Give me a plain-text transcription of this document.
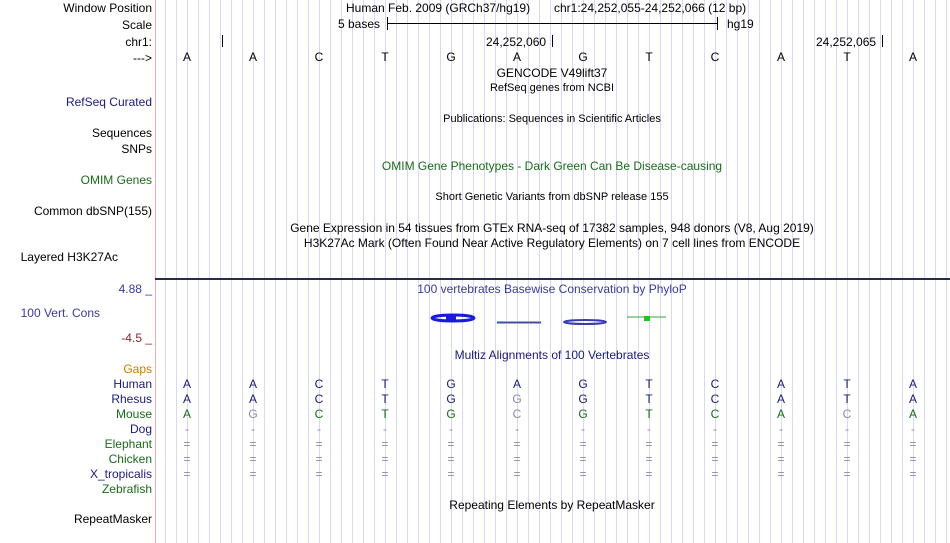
Window Position	Human Feb. 2009 (GRCh37/hg19) chr1:24,252,055-24,252,066 (12 bp)
Scale	5 bases	hg19
chr1:	24,252,060	24,252,065
--->
GENCODE V49lift37
RefSeq genes from NCBI
RefSeq Curated
Publications: Sequences in Scientific Articles
Sequences
SNPs
OMIM Gene Phenotypes - Dark Green Can Be Disease-causing
OMIM Genes
Short Genetic Variants from dbSNP release 155
Common dbSNP(155)
Gene Expression in 54 tissues from GTEx RNA-seq of 17382 samples, 948 donors (V8, Aug 2019)
H3K27Ac Mark (Often Found Near Active Regulatory Elements) on 7 cell lines from ENCODE
Layered H3K27Ac
4.88 _	100 vertebrates Basewise Conservation by PhyloP
100 Vert. Cons
-4.5 _
Multiz Alignments of 100 Vertebrates
Gaps
Repeating Elements by RepeatMasker
RepeatMasker
A	A	C	T	G	A	G	T	C	A	T	A
Human	A	A	C	T	G	A	G	T	C	A	T	A
Rhesus	A	A	C	T	G	G	G	T	C	A	T	A
Mouse	A	G	C	T	G	C	G	T	C	A	C	A
Dog	-	-	-	-	-	-	-	-	-	-	-	-
Elephant	=	=	=	=	=	=	=	=	=	=	=	=
Chicken	=	=	=	=	=	=	=	=	=	=	=	=
X_tropicalis	=	=	=	=	=	=	=	=	=	=	=	=
Zebrafish
